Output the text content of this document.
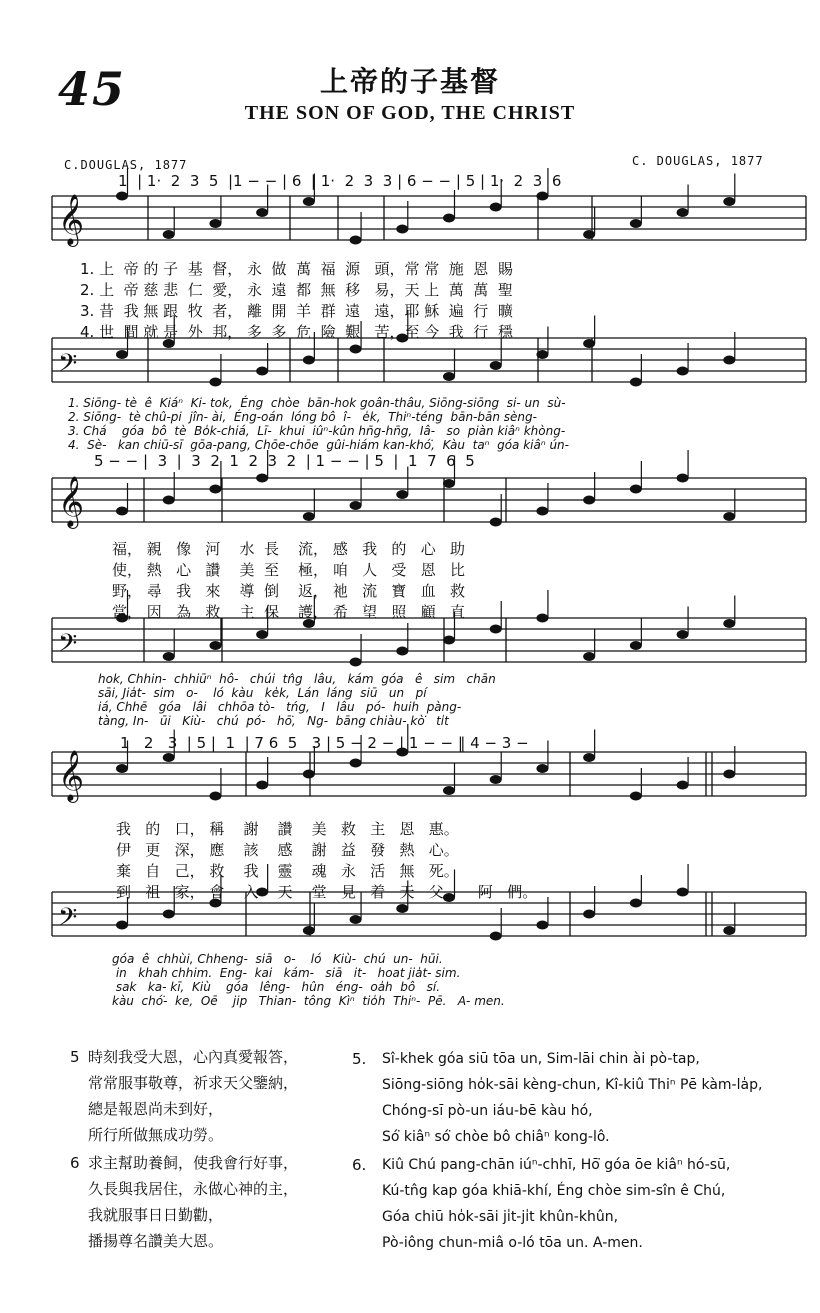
45	上帝的子基督
THE SON OF GOD, THE CHRIST
C.DOUGLAS, 1877	C. DOUGLAS, 1877
𝄞
𝄢
𝄞
𝄢
𝄞
𝄢
1  | 1·  2  3  5  |1 − − | 6  | 1·  2  3  3 | 6 − − | 5 | 1·  2  3  6
1. 上  帝 的 子  基  督， 永  做  萬  福  源   頭，常 常  施  恩  賜
2. 上  帝 慈 悲  仁  愛， 永  遠  都  無  移   易，天 上  萬  萬  聖
3. 昔  我 無 跟  牧  者， 離  開  羊  群  遠   遠，耶 穌  遍  行  曠
4. 世  間 就 是  外  邦， 多  多  危  險  艱   苦，至 今  我  行  穩
1. Siōng- tè  ê  Kiáⁿ  Ki- tok,  Éng  chòe  bān-hok goân-thâu, Siōng-siōng  si- un  sù-
2. Siōng-  tè chû-pi  jîn- ài,  Éng-oán  lóng bô  î-   e̍k,  Thiⁿ-téng  bān-bān sèng-
3. Chá    góa  bô  tè  Bo̍k-chiá,  Lī-  khui  iûⁿ-kûn hn̄g-hn̄g,  Iâ-   so  piàn kiâⁿ khòng-
4.  Sè-   kan chiū-sī  gōa-pang, Chōe-chōe  gûi-hiám kan-khó͘,  Kàu  taⁿ  góa kiâⁿ ún-
5 − − |  3  |  3  2  1  2  3  2  | 1 − − | 5  |  1  7  6  5
福， 親   像   河    水  長    流， 感   我   的   心   助
使， 熱   心   讚    美  至    極， 咱   人   受   恩   比
野， 尋   我   來    導  倒    返， 祂   流   寶   血   救
當， 因   為   救    主  保    護， 希   望   照   顧   直
hok, Chhin-  chhiūⁿ  hô-   chúi  tn̂g   lâu,   kám  góa   ê   sim   chān
sāi, Jia̍t-  sim   o-    ló  kàu   ke̍k,  Lán  láng  siū   un   pí
iá, Chhē   góa   lâi   chhōa tò-   tńg,   I   lâu   pó-  huih  pàng-
tàng, In-   ūi   Kiù-   chú  pó-   hō͘,   Ng-  bāng chiàu- kò͘   ti̍t
1   2   3  | 5 |  1  | 7 6  5   3 | 5 − 2 − | 1 − − ‖ 4 − 3 −
我   的   口， 稱    謝    讚    美   救   主   恩   惠。
伊   更   深， 應    該    感    謝   益   發   熱   心。
棄   自   己， 救    我    靈    魂   永   活   無   死。
到   祖   家， 會    入    天    堂   見   着   天   父。    阿   們。
góa  ê  chhùi, Chheng-  siā   o-    ló   Kiù-  chú  un-  hūi.
in   khah chhim.  Eng-  kai   kám-   siā   it-   hoat jia̍t- sim.
sak   ka- kī,  Kiù    góa   lêng-   hûn   éng-  oa̍h  bô   sí.
kàu  chó͘-  ke,  Oē    jip   Thian-  tông  Kìⁿ  tio̍h  Thiⁿ-  Pē.   A- men.
5 時刻我受大恩，心內真愛報答，
常常服事敬尊，祈求天父鑒納，
總是報恩尚未到好，
所行所做無成功勞。
5. Sî-khek góa siū tōa un, Sim-lāi chin ài pò-tap,
Siōng-siōng ho̍k-sāi kèng-chun, Kî-kiû Thiⁿ Pē kàm-la̍p,
Chóng-sī pò-un iáu-bē kàu hó,
Só͘ kiâⁿ só͘ chòe bô chiâⁿ kong-lô.
6 求主幫助養飼，使我會行好事，
久長與我居住，永做心神的主，
我就服事日日勤勸，
播揚尊名讚美大恩。
6. Kiû Chú pang-chān iúⁿ-chhī, Hō͘ góa ōe kiâⁿ hó-sū,
Kú-tn̂g kap góa khiā-khí, Éng chòe sim-sîn ê Chú,
Góa chiū ho̍k-sāi ji̍t-ji̍t khûn-khûn,
Pò-iông chun-miâ o-ló tōa un. A-men.
